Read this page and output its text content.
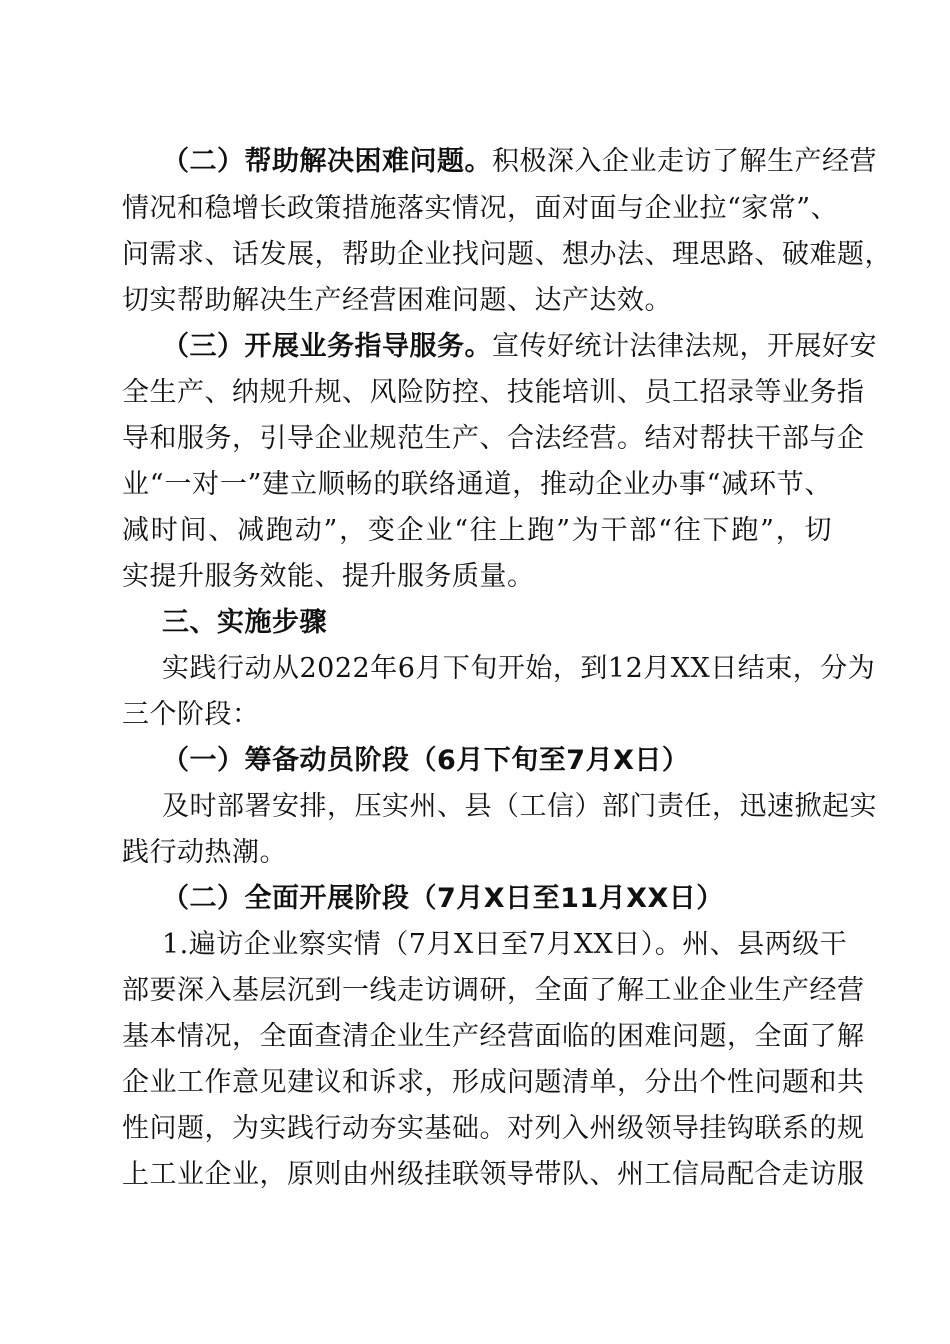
（二）帮助解决困难问题。积极深入企业走访了解生产经营
情况和稳增长政策措施落实情况，面对面与企业拉“家常”、
问需求、话发展，帮助企业找问题、想办法、理思路、破难题，
切实帮助解决生产经营困难问题、达产达效。
（三）开展业务指导服务。宣传好统计法律法规，开展好安
全生产、纳规升规、风险防控、技能培训、员工招录等业务指
导和服务，引导企业规范生产、合法经营。结对帮扶干部与企
业“一对一”建立顺畅的联络通道，推动企业办事“减环节、
减时间、减跑动”，变企业“往上跑”为干部“往下跑”，切
实提升服务效能、提升服务质量。
三、实施步骤
实践行动从2022年6月下旬开始，到12月XX日结束，分为
三个阶段：
（一）筹备动员阶段（6月下旬至7月X日）
及时部署安排，压实州、县（工信）部门责任，迅速掀起实
践行动热潮。
（二）全面开展阶段（7月X日至11月XX日）
1.遍访企业察实情（7月X日至7月XX日）。州、县两级干
部要深入基层沉到一线走访调研，全面了解工业企业生产经营
基本情况，全面查清企业生产经营面临的困难问题，全面了解
企业工作意见建议和诉求，形成问题清单，分出个性问题和共
性问题，为实践行动夯实基础。对列入州级领导挂钩联系的规
上工业企业，原则由州级挂联领导带队、州工信局配合走访服
